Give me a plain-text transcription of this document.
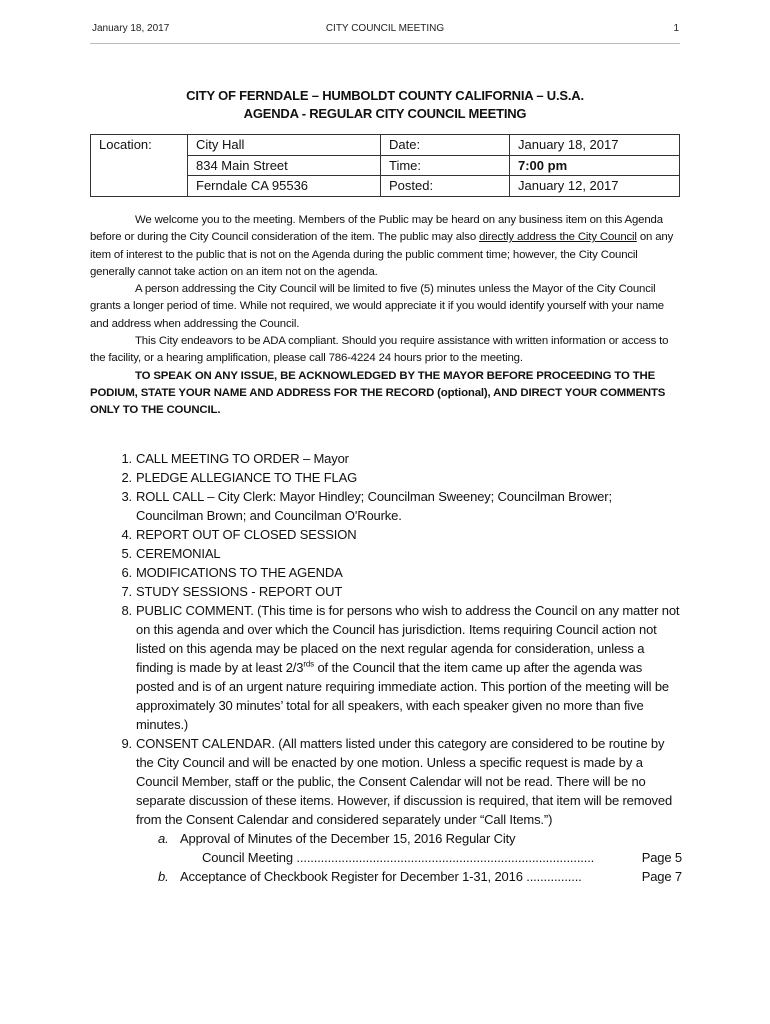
January 18, 2017	CITY COUNCIL MEETING	1
CITY OF FERNDALE – HUMBOLDT COUNTY CALIFORNIA – U.S.A.
AGENDA - REGULAR CITY COUNCIL MEETING
Location:	City Hall	Date:	January 18, 2017
	834 Main Street	Time:	7:00 pm
	Ferndale CA 95536	Posted:	January 12, 2017

We welcome you to the meeting. Members of the Public may be heard on any business item on this Agenda before or during the City Council consideration of the item. The public may also directly address the City Council on any item of interest to the public that is not on the Agenda during the public comment time; however, the City Council generally cannot take action on an item not on the agenda.

A person addressing the City Council will be limited to five (5) minutes unless the Mayor of the City Council grants a longer period of time. While not required, we would appreciate it if you would identify yourself with your name and address when addressing the Council.

This City endeavors to be ADA compliant. Should you require assistance with written information or access to the facility, or a hearing amplification, please call 786-4224 24 hours prior to the meeting.

TO SPEAK ON ANY ISSUE, BE ACKNOWLEDGED BY THE MAYOR BEFORE PROCEEDING TO THE PODIUM, STATE YOUR NAME AND ADDRESS FOR THE RECORD (optional), AND DIRECT YOUR COMMENTS ONLY TO THE COUNCIL.

1. CALL MEETING TO ORDER – Mayor
2. PLEDGE ALLEGIANCE TO THE FLAG
3. ROLL CALL – City Clerk: Mayor Hindley; Councilman Sweeney; Councilman Brower; Councilman Brown; and Councilman O'Rourke.
4. REPORT OUT OF CLOSED SESSION
5. CEREMONIAL
6. MODIFICATIONS TO THE AGENDA
7. STUDY SESSIONS - REPORT OUT
8. PUBLIC COMMENT. (This time is for persons who wish to address the Council on any matter not on this agenda and over which the Council has jurisdiction. Items requiring Council action not listed on this agenda may be placed on the next regular agenda for consideration, unless a finding is made by at least $2/3^{rds}$ of the Council that the item came up after the agenda was posted and is of an urgent nature requiring immediate action. This portion of the meeting will be approximately 30 minutes’ total for all speakers, with each speaker given no more than five minutes.)
9. CONSENT CALENDAR. (All matters listed under this category are considered to be routine by the City Council and will be enacted by one motion. Unless a specific request is made by a Council Member, staff or the public, the Consent Calendar will not be read. There will be no separate discussion of these items. However, if discussion is required, that item will be removed from the Consent Calendar and considered separately under “Call Items.”)
a. Approval of Minutes of the December 15, 2016 Regular City
Council Meeting ......................................................................................	Page 5
b. Acceptance of Checkbook Register for December 1-31, 2016 ................	Page 7
